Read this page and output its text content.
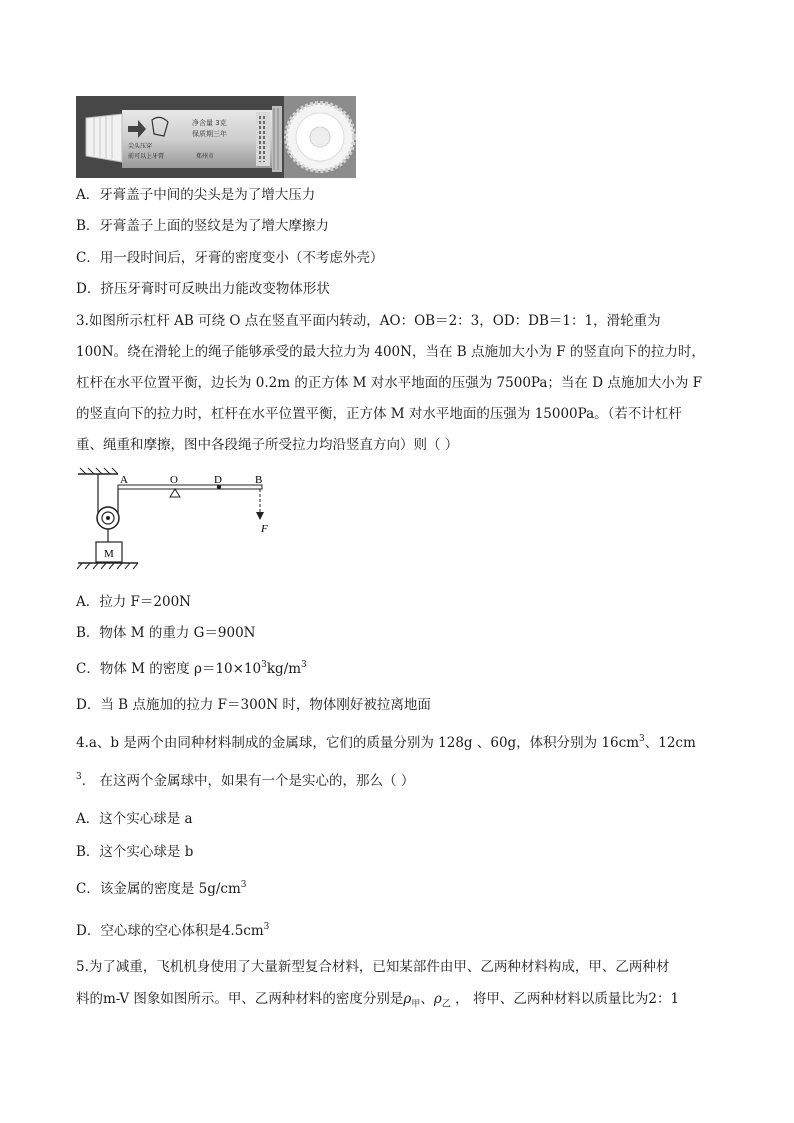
净含量 3克
保质期三年
尖头压穿
前可以上牙膏	郑州市
A．牙膏盖子中间的尖头是为了增大压力
B．牙膏盖子上面的竖纹是为了增大摩擦力
C．用一段时间后，牙膏的密度变小（不考虑外壳）
D．挤压牙膏时可反映出力能改变物体形状
3.如图所示杠杆 AB 可绕 O 点在竖直平面内转动，AO：OB＝2：3，OD：DB＝1：1，滑轮重为
100N。绕在滑轮上的绳子能够承受的最大拉力为 400N，当在 B 点施加大小为 F 的竖直向下的拉力时，
杠杆在水平位置平衡，边长为 0.2m 的正方体 M 对水平地面的压强为 7500Pa；当在 D 点施加大小为 F
的竖直向下的拉力时，杠杆在水平位置平衡，正方体 M 对水平地面的压强为 15000Pa。（若不计杠杆
重、绳重和摩擦，图中各段绳子所受拉力均沿竖直方向）则（ ）
M
A	O	D	B
F
A．拉力 F＝200N
B．物体 M 的重力 G＝900N
C．物体 M 的密度 $\rho=10\times 10^3kg/m^3$
D．当 B 点施加的拉力 F＝300N 时，物体刚好被拉离地面
4.a、b 是两个由同种材料制成的金属球，它们的质量分别为 128g 、60g，体积分别为 $16cm^3$、12cm
$^3$． 在这两个金属球中，如果有一个是实心的，那么（ ）
A．这个实心球是 a
B．这个实心球是 b
C．该金属的密度是 $5g/cm^3$
D．空心球的空心体积是$4.5cm^3$
5.为了减重，飞机机身使用了大量新型复合材料，已知某部件由甲、乙两种材料构成，甲、乙两种材
料的m-V 图象如图所示。甲、乙两种材料的密度分别是$\rho_甲$、$\rho_乙$ ， 将甲、乙两种材料以质量比为2：1
